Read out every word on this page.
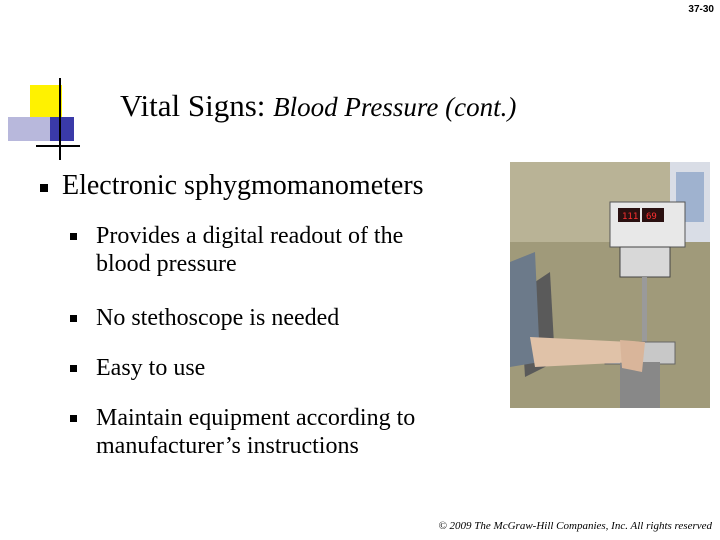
37-30
Vital Signs: Blood Pressure (cont.)
Electronic sphygmomanometers
Provides a digital readout of the blood pressure
No stethoscope is needed
Easy to use
Maintain equipment according to manufacturer’s instructions
111 69
© 2009 The McGraw-Hill Companies, Inc. All rights reserved
